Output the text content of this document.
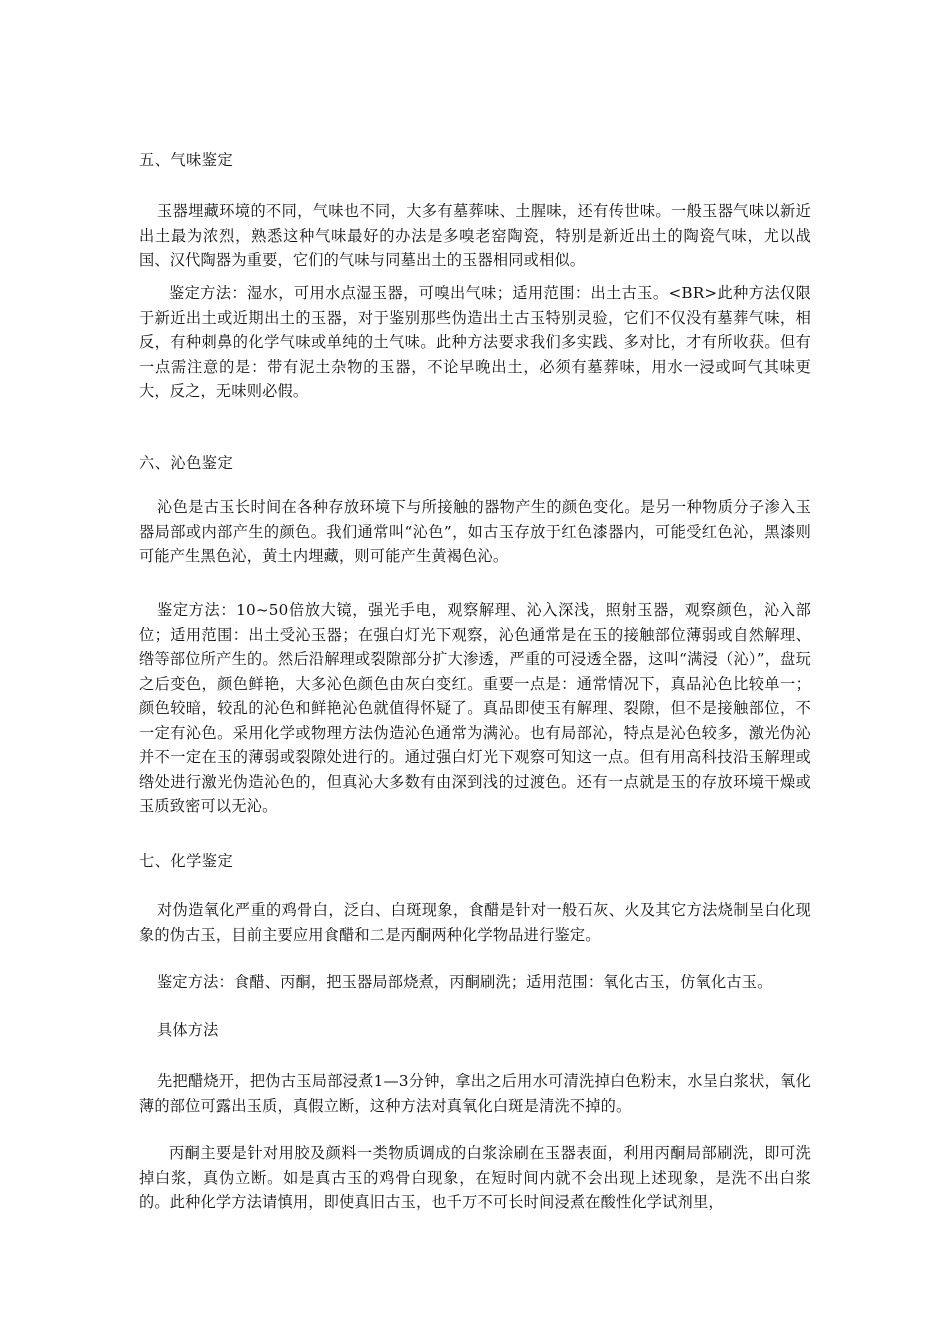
五、气味鉴定

玉器埋藏环境的不同，气味也不同，大多有墓葬味、土腥味，还有传世味。一般玉器气味以新近出土最为浓烈，熟悉这种气味最好的办法是多嗅老窑陶瓷，特别是新近出土的陶瓷气味，尤以战国、汉代陶器为重要，它们的气味与同墓出土的玉器相同或相似。

鉴定方法：湿水，可用水点湿玉器，可嗅出气味；适用范围：出土古玉。<BR>此种方法仅限于新近出土或近期出土的玉器，对于鉴别那些伪造出土古玉特别灵验，它们不仅没有墓葬气味，相反，有种刺鼻的化学气味或单纯的土气味。此种方法要求我们多实践、多对比，才有所收获。但有一点需注意的是：带有泥土杂物的玉器，不论早晚出土，必须有墓葬味，用水一浸或呵气其味更大，反之，无味则必假。

六、沁色鉴定

沁色是古玉长时间在各种存放环境下与所接触的器物产生的颜色变化。是另一种物质分子渗入玉器局部或内部产生的颜色。我们通常叫“沁色”，如古玉存放于红色漆器内，可能受红色沁，黑漆则可能产生黑色沁，黄土内埋藏，则可能产生黄褐色沁。

鉴定方法：10~50倍放大镜，强光手电，观察解理、沁入深浅，照射玉器，观察颜色，沁入部位；适用范围：出土受沁玉器；在强白灯光下观察，沁色通常是在玉的接触部位薄弱或自然解理、绺等部位所产生的。然后沿解理或裂隙部分扩大渗透，严重的可浸透全器，这叫“满浸（沁）”，盘玩之后变色，颜色鲜艳，大多沁色颜色由灰白变红。重要一点是：通常情况下，真品沁色比较单一；颜色较暗，较乱的沁色和鲜艳沁色就值得怀疑了。真品即使玉有解理、裂隙，但不是接触部位，不一定有沁色。采用化学或物理方法伪造沁色通常为满沁。也有局部沁，特点是沁色较多，激光伪沁并不一定在玉的薄弱或裂隙处进行的。通过强白灯光下观察可知这一点。但有用高科技沿玉解理或绺处进行激光伪造沁色的，但真沁大多数有由深到浅的过渡色。还有一点就是玉的存放环境干燥或玉质致密可以无沁。

七、化学鉴定

对伪造氧化严重的鸡骨白，泛白、白斑现象，食醋是针对一般石灰、火及其它方法烧制呈白化现象的伪古玉，目前主要应用食醋和二是丙酮两种化学物品进行鉴定。

鉴定方法：食醋、丙酮，把玉器局部烧煮，丙酮刷洗；适用范围：氧化古玉，仿氧化古玉。

具体方法

先把醋烧开，把伪古玉局部浸煮1—3分钟，拿出之后用水可清洗掉白色粉末，水呈白浆状，氧化薄的部位可露出玉质，真假立断，这种方法对真氧化白斑是清洗不掉的。

丙酮主要是针对用胶及颜料一类物质调成的白浆涂刷在玉器表面，利用丙酮局部刷洗，即可洗掉白浆，真伪立断。如是真古玉的鸡骨白现象，在短时间内就不会出现上述现象，是洗不出白浆的。此种化学方法请慎用，即使真旧古玉，也千万不可长时间浸煮在酸性化学试剂里，
